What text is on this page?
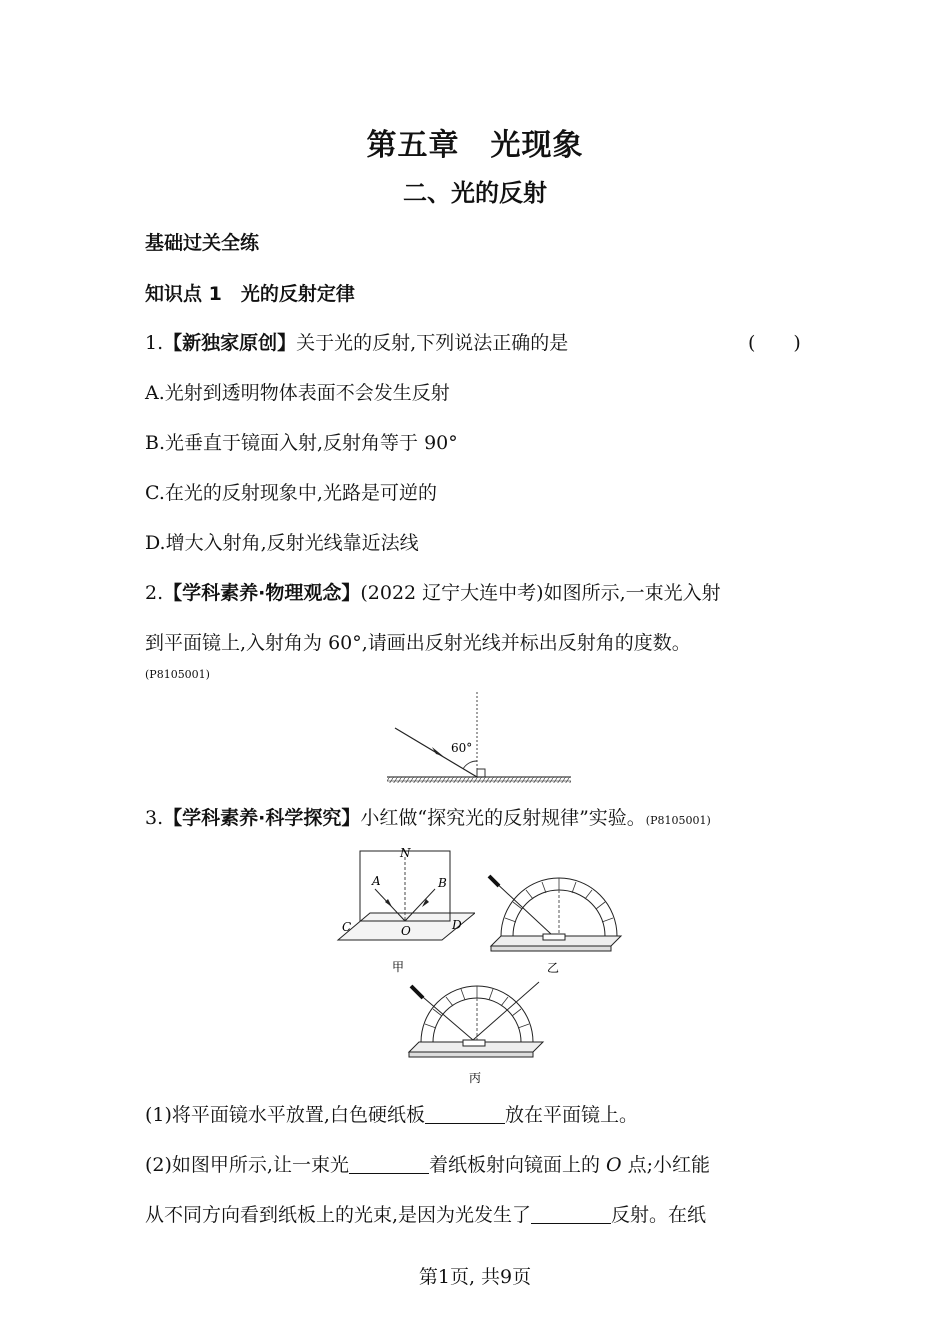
第五章　光现象
二、光的反射
基础过关全练
知识点 1　光的反射定律
1.【新独家原创】关于光的反射,下列说法正确的是	(　　)
A.光射到透明物体表面不会发生反射
B.光垂直于镜面入射,反射角等于 90°
C.在光的反射现象中,光路是可逆的
D.增大入射角,反射光线靠近法线
2.【学科素养·物理观念】(2022 辽宁大连中考)如图所示,一束光入射
到平面镜上,入射角为 60°,请画出反射光线并标出反射角的度数。
(P8105001)
60°
3.【学科素养·科学探究】小红做“探究光的反射规律”实验。(P8105001)
N
A	B
C	O	D
甲	乙
丙
(1)将平面镜水平放置,白色硬纸板	放在平面镜上。
(2)如图甲所示,让一束光	着纸板射向镜面上的 O 点;小红能
从不同方向看到纸板上的光束,是因为光发生了	反射。在纸
第1页, 共9页
